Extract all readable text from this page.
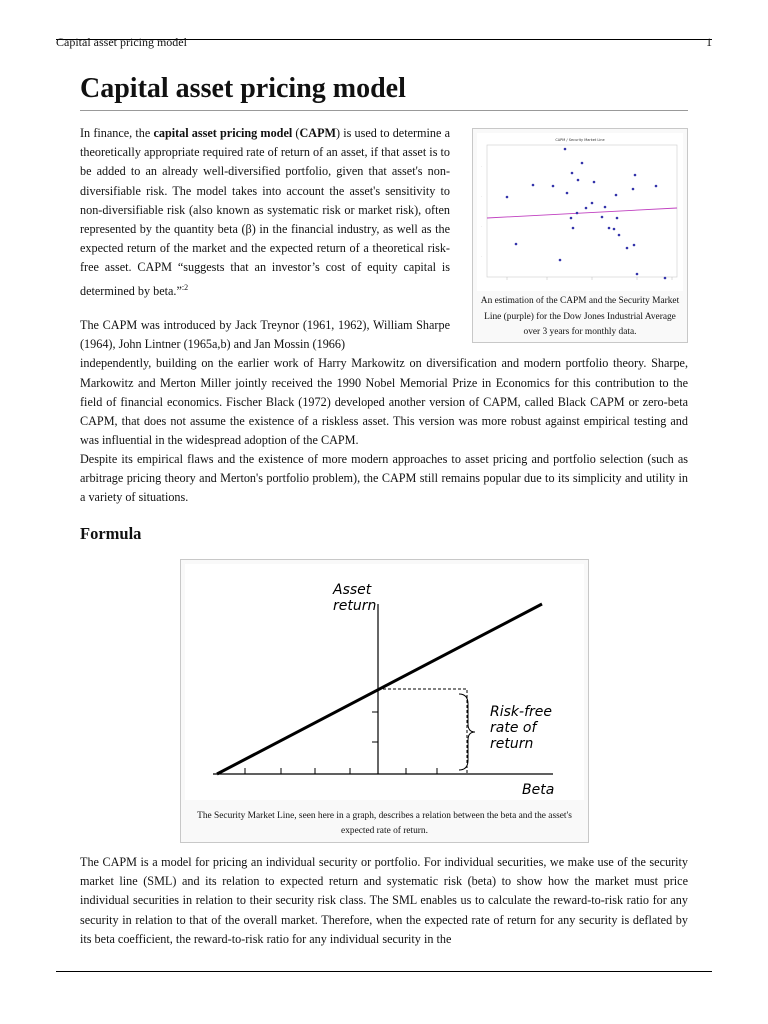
Capital asset pricing model	1
Capital asset pricing model

In finance, the capital asset pricing model (CAPM) is used to determine a theoretically appropriate required rate of return of an asset, if that asset is to be added to an already well-diversified portfolio, given that asset's non-diversifiable risk. The model takes into account the asset's sensitivity to non-diversifiable risk (also known as systematic risk or market risk), often represented by the quantity beta (β) in the financial industry, as well as the expected return of the market and the expected return of a theoretical risk-free asset. CAPM “suggests that an investor’s cost of equity capital is determined by beta.”$^{:2}$

CAPM / Security Market Line
.
.
.
.
An estimation of the CAPM and the Security Market Line (purple) for the Dow Jones Industrial Average over 3 years for monthly data.

The CAPM was introduced by Jack Treynor (1961, 1962), William Sharpe (1964), John Lintner (1965a,b) and Jan Mossin (1966)
independently, building on the earlier work of Harry Markowitz on diversification and modern portfolio theory. Sharpe, Markowitz and Merton Miller jointly received the 1990 Nobel Memorial Prize in Economics for this contribution to the field of financial economics. Fischer Black (1972) developed another version of CAPM, called Black CAPM or zero-beta CAPM, that does not assume the existence of a riskless asset. This version was more robust against empirical testing and was influential in the widespread adoption of the CAPM.

Despite its empirical flaws and the existence of more modern approaches to asset pricing and portfolio selection (such as arbitrage pricing theory and Merton's portfolio problem), the CAPM still remains popular due to its simplicity and utility in a variety of situations.

Formula
Asset
return
Risk-free
rate of
return
Beta
The Security Market Line, seen here in a graph, describes a relation between the beta and the asset's expected rate of return.

The CAPM is a model for pricing an individual security or portfolio. For individual securities, we make use of the security market line (SML) and its relation to expected return and systematic risk (beta) to show how the market must price individual securities in relation to their security risk class. The SML enables us to calculate the reward-to-risk ratio for any security in relation to that of the overall market. Therefore, when the expected rate of return for any security is deflated by its beta coefficient, the reward-to-risk ratio for any individual security in the
